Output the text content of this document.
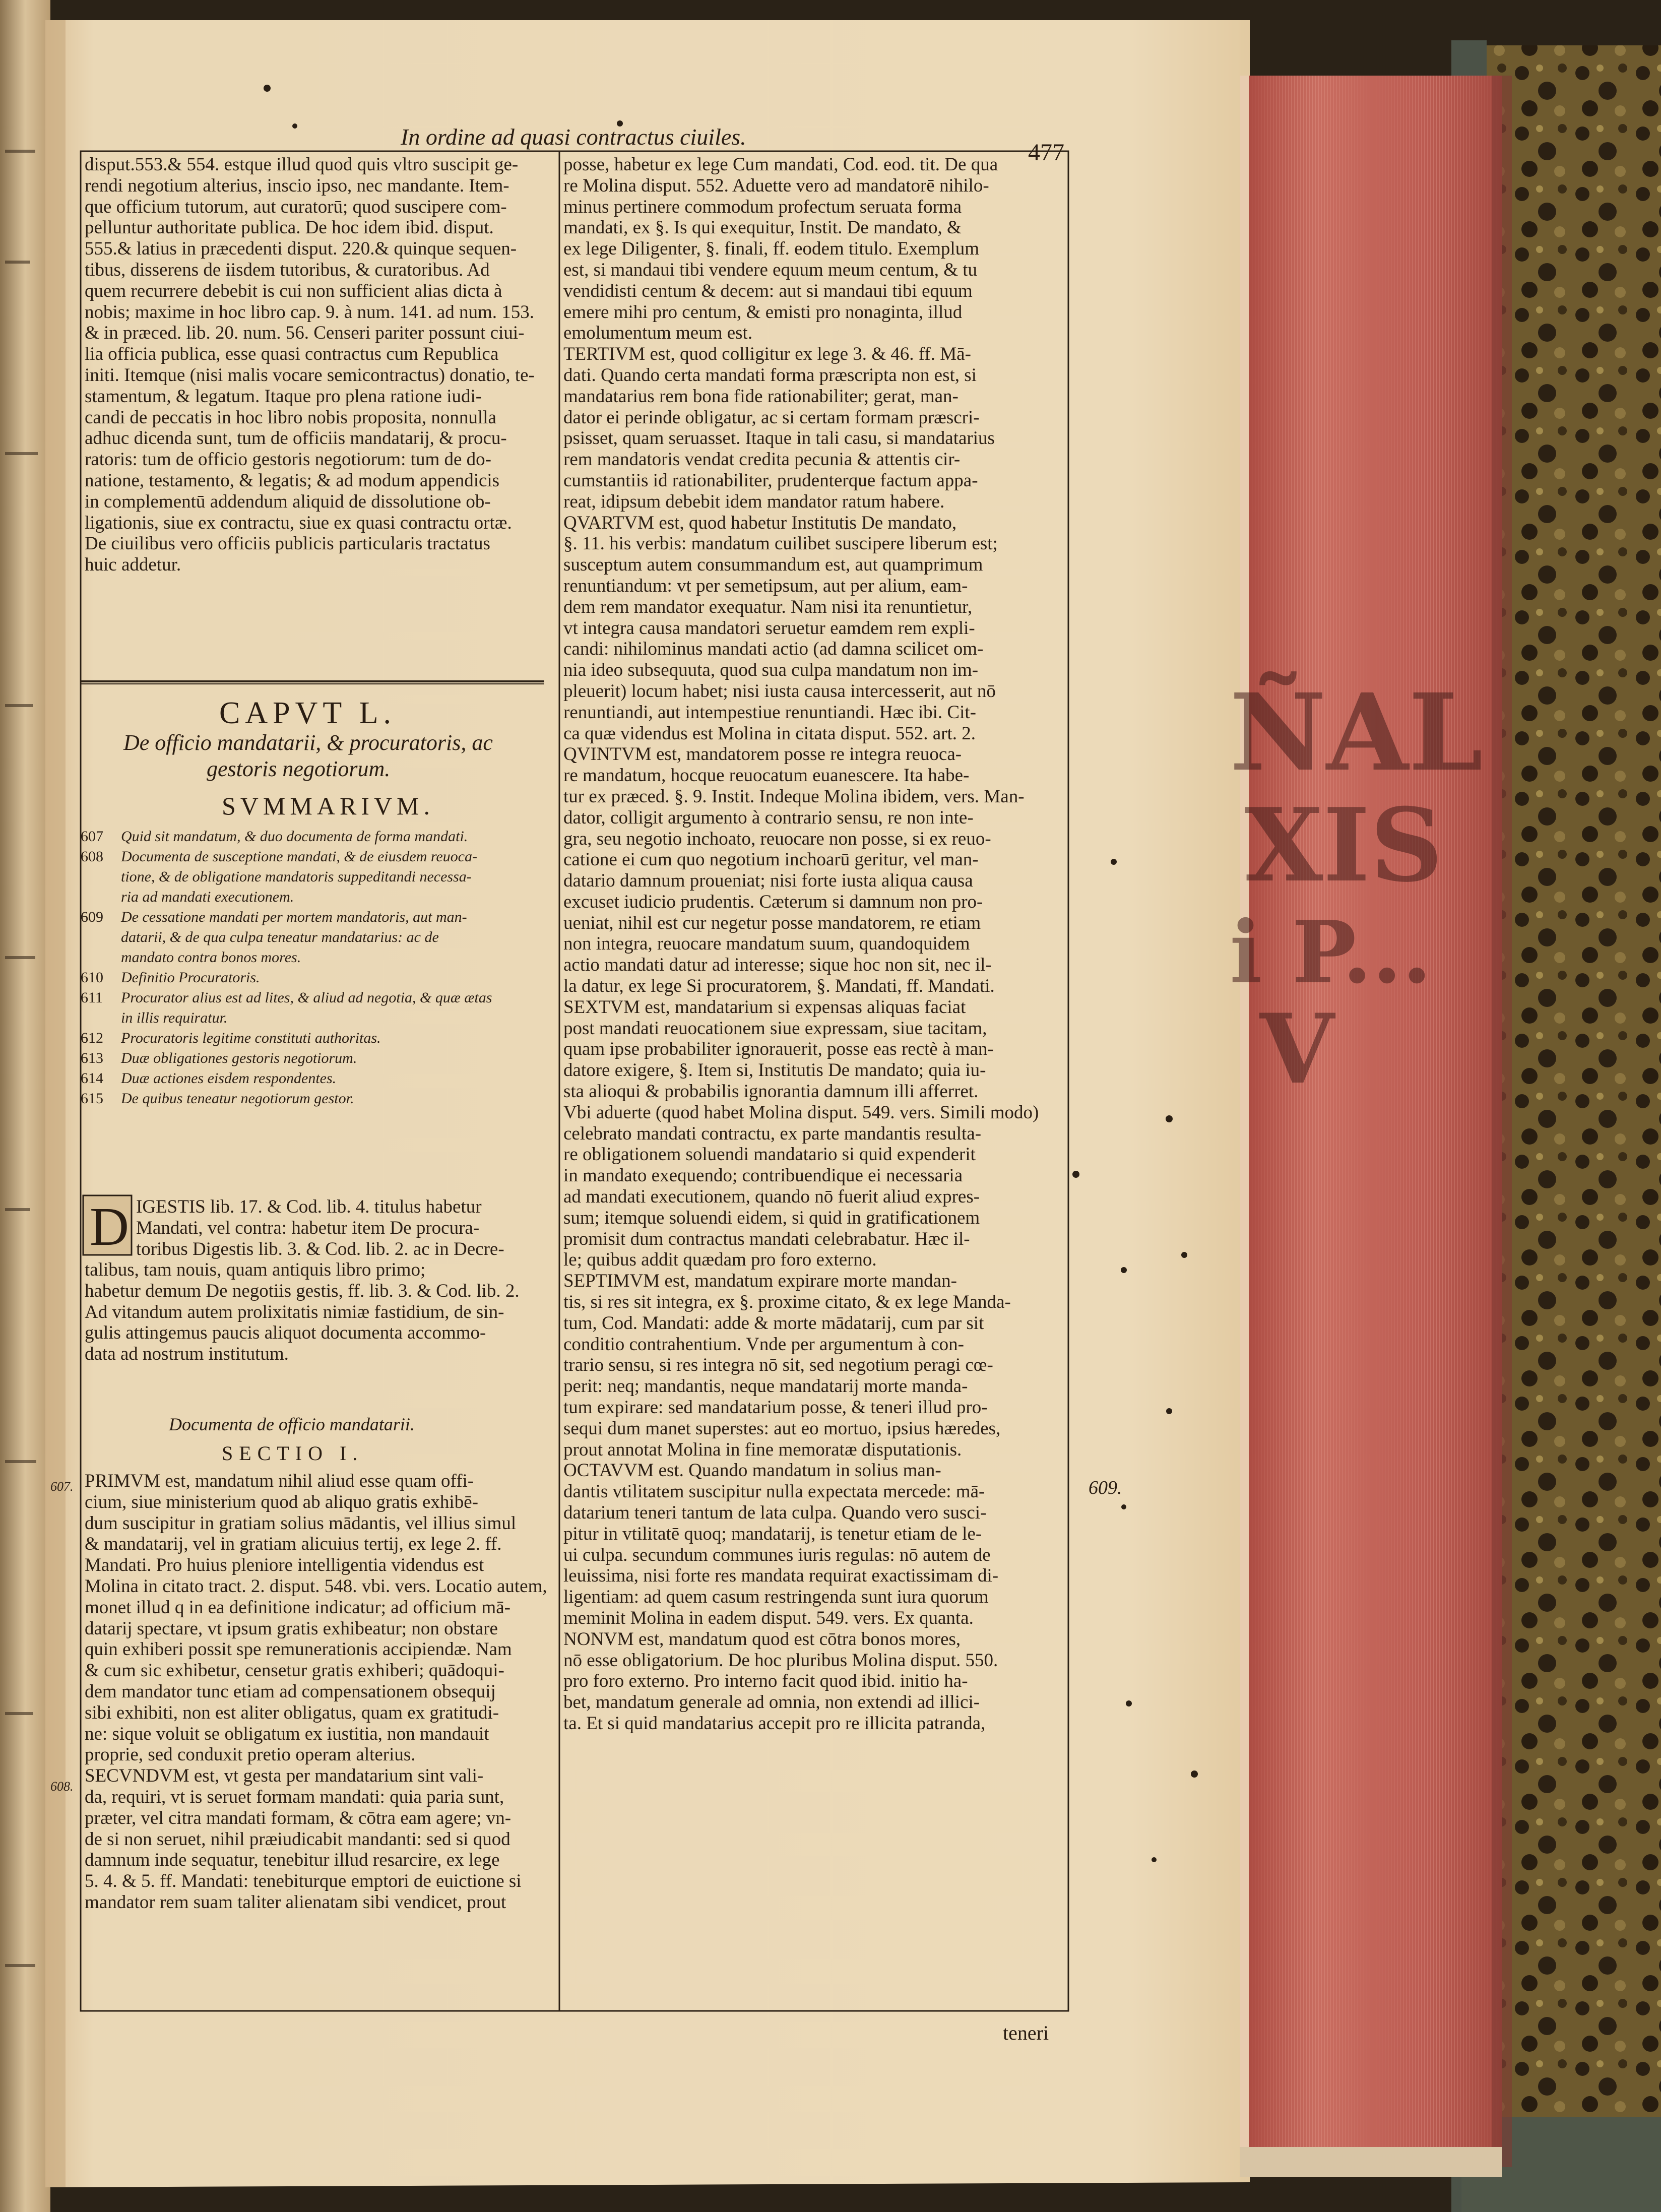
D
ÑAL
XIS
i P...
V
In ordine ad quasi contractus ciuiles.
477
disput.553.& 554. estque illud quod quis vltro suscipit ge-
rendi negotium alterius, inscio ipso, nec mandante. Item-
que officium tutorum, aut curatorū; quod suscipere com-
pelluntur authoritate publica. De hoc idem ibid. disput.
555.& latius in præcedenti disput. 220.& quinque sequen-
tibus, disserens de iisdem tutoribus, & curatoribus. Ad
quem recurrere debebit is cui non sufficient alias dicta à
nobis; maxime in hoc libro cap. 9. à num. 141. ad num. 153.
& in præced. lib. 20. num. 56. Censeri pariter possunt ciui-
lia officia publica, esse quasi contractus cum Republica
initi. Itemque (nisi malis vocare semicontractus) donatio, te-
stamentum, & legatum. Itaque pro plena ratione iudi-
candi de peccatis in hoc libro nobis proposita, nonnulla
adhuc dicenda sunt, tum de officiis mandatarij, & procu-
ratoris: tum de officio gestoris negotiorum: tum de do-
natione, testamento, & legatis; & ad modum appendicis
in complementū addendum aliquid de dissolutione ob-
ligationis, siue ex contractu, siue ex quasi contractu ortæ.
De ciuilibus vero officiis publicis particularis tractatus
huic addetur.
CAPVT L.
De officio mandatarii, & procuratoris, ac
gestoris negotiorum.
SVMMARIVM.
607 Quid sit mandatum, & duo documenta de forma mandati.
608 Documenta de susceptione mandati, & de eiusdem reuoca-
tione, & de obligatione mandatoris suppeditandi necessa-
ria ad mandati executionem.
609 De cessatione mandati per mortem mandatoris, aut man-
datarii, & de qua culpa teneatur mandatarius: ac de
mandato contra bonos mores.
610 Definitio Procuratoris.
611 Procurator alius est ad lites, & aliud ad negotia, & quæ ætas
in illis requiratur.
612 Procuratoris legitime constituti authoritas.
613 Duæ obligationes gestoris negotiorum.
614 Duæ actiones eisdem respondentes.
615 De quibus teneatur negotiorum gestor.
IGESTIS lib. 17. & Cod. lib. 4. titulus habetur
Mandati, vel contra: habetur item De procura-
toribus Digestis lib. 3. & Cod. lib. 2. ac in Decre-
talibus, tam nouis, quam antiquis libro primo;
habetur demum De negotiis gestis, ff. lib. 3. & Cod. lib. 2.
Ad vitandum autem prolixitatis nimiæ fastidium, de sin-
gulis attingemus paucis aliquot documenta accommo-
data ad nostrum institutum.
Documenta de officio mandatarii.
SECTIO I.
PRIMVM est, mandatum nihil aliud esse quam offi-
cium, siue ministerium quod ab aliquo gratis exhibē-
dum suscipitur in gratiam solius mādantis, vel illius simul
& mandatarij, vel in gratiam alicuius tertij, ex lege 2. ff.
Mandati. Pro huius pleniore intelligentia videndus est
Molina in citato tract. 2. disput. 548. vbi. vers. Locatio autem,
monet illud q in ea definitione indicatur; ad officium mā-
datarij spectare, vt ipsum gratis exhibeatur; non obstare
quin exhiberi possit spe remunerationis accipiendæ. Nam
& cum sic exhibetur, censetur gratis exhiberi; quādoqui-
dem mandator tunc etiam ad compensationem obsequij
sibi exhibiti, non est aliter obligatus, quam ex gratitudi-
ne: sique voluit se obligatum ex iustitia, non mandauit
proprie, sed conduxit pretio operam alterius.
SECVNDVM est, vt gesta per mandatarium sint vali-
da, requiri, vt is seruet formam mandati: quia paria sunt,
præter, vel citra mandati formam, & cōtra eam agere; vn-
de si non seruet, nihil præiudicabit mandanti: sed si quod
damnum inde sequatur, tenebitur illud resarcire, ex lege
5. 4. & 5. ff. Mandati: tenebiturque emptori de euictione si
mandator rem suam taliter alienatam sibi vendicet, prout
posse, habetur ex lege Cum mandati, Cod. eod. tit. De qua
re Molina disput. 552. Aduette vero ad mandatorē nihilo-
minus pertinere commodum profectum seruata forma
mandati, ex §. Is qui exequitur, Instit. De mandato, &
ex lege Diligenter, §. finali, ff. eodem titulo. Exemplum
est, si mandaui tibi vendere equum meum centum, & tu
vendidisti centum & decem: aut si mandaui tibi equum
emere mihi pro centum, & emisti pro nonaginta, illud
emolumentum meum est.
TERTIVM est, quod colligitur ex lege 3. & 46. ff. Mā-
dati. Quando certa mandati forma præscripta non est, si
mandatarius rem bona fide rationabiliter; gerat, man-
dator ei perinde obligatur, ac si certam formam præscri-
psisset, quam seruasset. Itaque in tali casu, si mandatarius
rem mandatoris vendat credita pecunia & attentis cir-
cumstantiis id rationabiliter, prudenterque factum appa-
reat, idipsum debebit idem mandator ratum habere.
QVARTVM est, quod habetur Institutis De mandato,
§. 11. his verbis: mandatum cuilibet suscipere liberum est;
susceptum autem consummandum est, aut quamprimum
renuntiandum: vt per semetipsum, aut per alium, eam-
dem rem mandator exequatur. Nam nisi ita renuntietur,
vt integra causa mandatori seruetur eamdem rem expli-
candi: nihilominus mandati actio (ad damna scilicet om-
nia ideo subsequuta, quod sua culpa mandatum non im-
pleuerit) locum habet; nisi iusta causa intercesserit, aut nō
renuntiandi, aut intempestiue renuntiandi. Hæc ibi. Cit-
ca quæ videndus est Molina in citata disput. 552. art. 2.
QVINTVM est, mandatorem posse re integra reuoca-
re mandatum, hocque reuocatum euanescere. Ita habe-
tur ex præced. §. 9. Instit. Indeque Molina ibidem, vers. Man-
dator, colligit argumento à contrario sensu, re non inte-
gra, seu negotio inchoato, reuocare non posse, si ex reuo-
catione ei cum quo negotium inchoarū geritur, vel man-
datario damnum proueniat; nisi forte iusta aliqua causa
excuset iudicio prudentis. Cæterum si damnum non pro-
ueniat, nihil est cur negetur posse mandatorem, re etiam
non integra, reuocare mandatum suum, quandoquidem
actio mandati datur ad interesse; sique hoc non sit, nec il-
la datur, ex lege Si procuratorem, §. Mandati, ff. Mandati.
SEXTVM est, mandatarium si expensas aliquas faciat
post mandati reuocationem siue expressam, siue tacitam,
quam ipse probabiliter ignorauerit, posse eas rectè à man-
datore exigere, §. Item si, Institutis De mandato; quia iu-
sta alioqui & probabilis ignorantia damnum illi afferret.
Vbi aduerte (quod habet Molina disput. 549. vers. Simili modo)
celebrato mandati contractu, ex parte mandantis resulta-
re obligationem soluendi mandatario si quid expenderit
in mandato exequendo; contribuendique ei necessaria
ad mandati executionem, quando nō fuerit aliud expres-
sum; itemque soluendi eidem, si quid in gratificationem
promisit dum contractus mandati celebrabatur. Hæc il-
le; quibus addit quædam pro foro externo.
SEPTIMVM est, mandatum expirare morte mandan-
tis, si res sit integra, ex §. proxime citato, & ex lege Manda-
tum, Cod. Mandati: adde & morte mādatarij, cum par sit
conditio contrahentium. Vnde per argumentum à con-
trario sensu, si res integra nō sit, sed negotium peragi cœ-
perit: neq; mandantis, neque mandatarij morte manda-
tum expirare: sed mandatarium posse, & teneri illud pro-
sequi dum manet superstes: aut eo mortuo, ipsius hæredes,
prout annotat Molina in fine memoratæ disputationis.
OCTAVVM est. Quando mandatum in solius man-
dantis vtilitatem suscipitur nulla expectata mercede: mā-
datarium teneri tantum de lata culpa. Quando vero susci-
pitur in vtilitatē quoq; mandatarij, is tenetur etiam de le-
ui culpa. secundum communes iuris regulas: nō autem de
leuissima, nisi forte res mandata requirat exactissimam di-
ligentiam: ad quem casum restringenda sunt iura quorum
meminit Molina in eadem disput. 549. vers. Ex quanta.
NONVM est, mandatum quod est cōtra bonos mores,
nō esse obligatorium. De hoc pluribus Molina disput. 550.
pro foro externo. Pro interno facit quod ibid. initio ha-
bet, mandatum generale ad omnia, non extendi ad illici-
ta. Et si quid mandatarius accepit pro re illicita patranda,
609.
607.
608.
teneri
